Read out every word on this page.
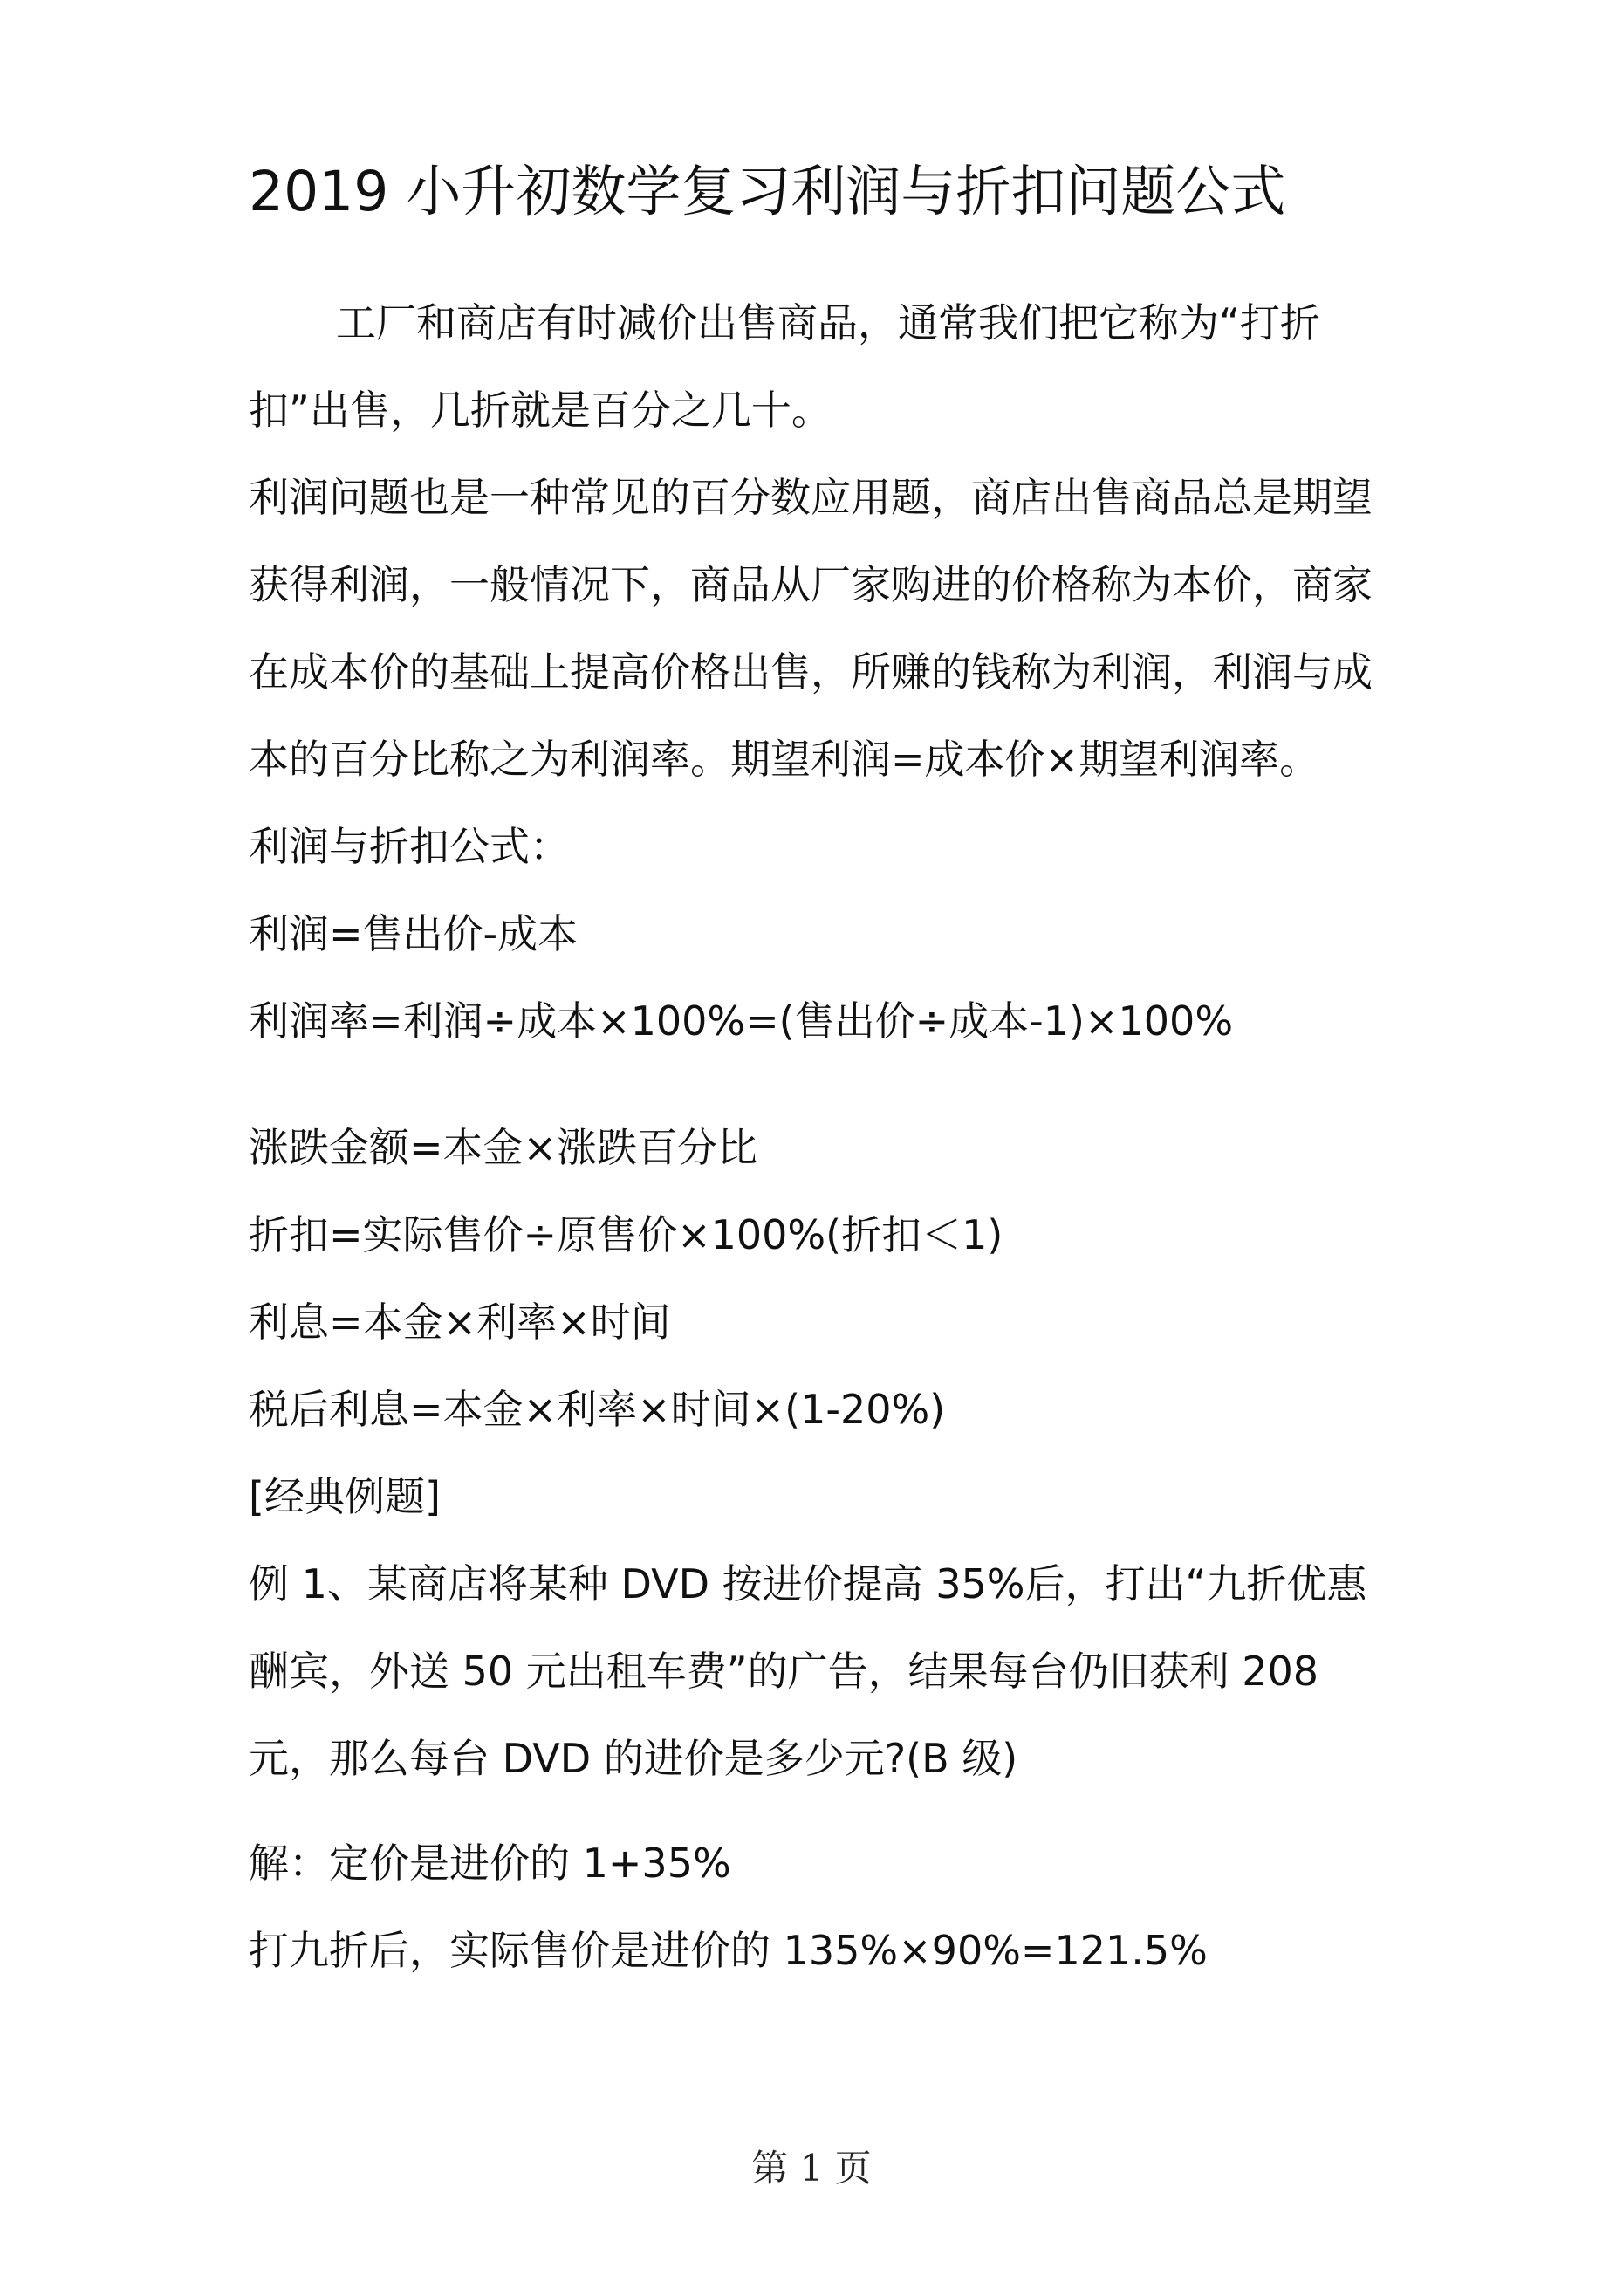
2019 小升初数学复习利润与折扣问题公式

工厂和商店有时减价出售商品，通常我们把它称为“打折扣”出售，几折就是百分之几十。

利润问题也是一种常见的百分数应用题，商店出售商品总是期望获得利润，一般情况下，商品从厂家购进的价格称为本价，商家在成本价的基础上提高价格出售，所赚的钱称为利润，利润与成本的百分比称之为利润率。期望利润=成本价×期望利润率。

利润与折扣公式：

利润=售出价-成本

利润率=利润÷成本×100%=(售出价÷成本-1)×100%

涨跌金额=本金×涨跌百分比

折扣=实际售价÷原售价×100%(折扣＜1)

利息=本金×利率×时间

税后利息=本金×利率×时间×(1-20%)

[经典例题]

例 1、某商店将某种 DVD 按进价提高 35%后，打出“九折优惠酬宾，外送 50 元出租车费”的广告，结果每台仍旧获利 208 元，那么每台 DVD 的进价是多少元?(B 级)

解：定价是进价的 1+35%

打九折后，实际售价是进价的 135%×90%=121.5%

第 1 页
